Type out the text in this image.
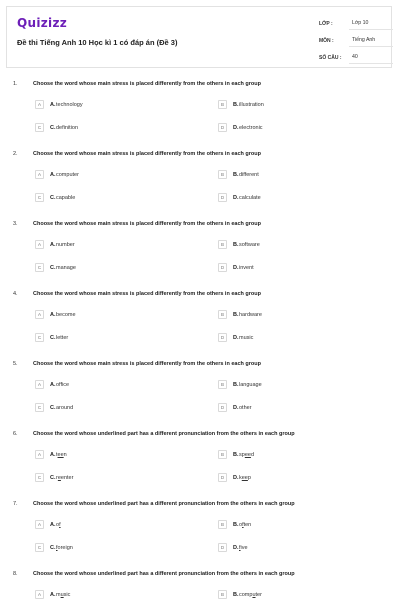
Quizizz
Đề thi Tiếng Anh 10 Học kì 1 có đáp án (Đề 3)
LỚP :	Lớp 10
MÔN :	Tiếng Anh
SỐ CÂU :	40
1.	Choose the word whose main stress is placed differently from the others in each group
A	A. technology	B	B. illustration
C	C. definition	D	D. electronic
2.	Choose the word whose main stress is placed differently from the others in each group
A	A. computer	B	B. different
C	C. capable	D	D. calculate
3.	Choose the word whose main stress is placed differently from the others in each group
A	A. number	B	B. software
C	C. manage	D	D. invent
4.	Choose the word whose main stress is placed differently from the others in each group
A	A. become	B	B. hardware
C	C. letter	D	D. music
5.	Choose the word whose main stress is placed differently from the others in each group
A	A. office	B	B. language
C	C. around	D	D. other
6.	Choose the word whose underlined part has a different pronunciation from the others in each group
A	A. teen	B	B. speed
C	C. reenter	D	D. keep
7.	Choose the word whose underlined part has a different pronunciation from the others in each group
A	A. of	B	B. often
C	C. foreign	D	D. five
8.	Choose the word whose underlined part has a different pronunciation from the others in each group
A	A. music	B	B. computer
